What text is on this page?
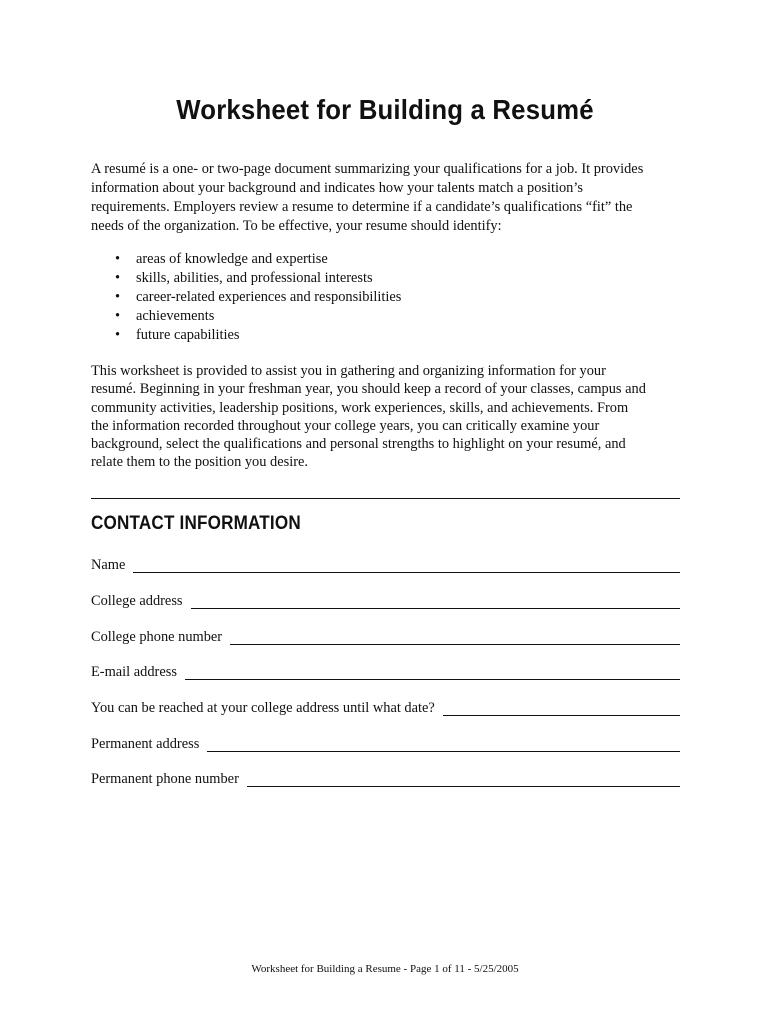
Worksheet for Building a Resumé
A resumé is a one- or two-page document summarizing your qualifications for a job. It provides
information about your background and indicates how your talents match a position’s
requirements. Employers review a resume to determine if a candidate’s qualifications “fit” the
needs of the organization. To be effective, your resume should identify:
• areas of knowledge and expertise
• skills, abilities, and professional interests
• career-related experiences and responsibilities
• achievements
• future capabilities
This worksheet is provided to assist you in gathering and organizing information for your
resumé. Beginning in your freshman year, you should keep a record of your classes, campus and
community activities, leadership positions, work experiences, skills, and achievements. From
the information recorded throughout your college years, you can critically examine your
background, select the qualifications and personal strengths to highlight on your resumé, and
relate them to the position you desire.
CONTACT INFORMATION
Name
College address
College phone number
E-mail address
You can be reached at your college address until what date?
Permanent address
Permanent phone number
Worksheet for Building a Resume - Page 1 of 11 - 5/25/2005
